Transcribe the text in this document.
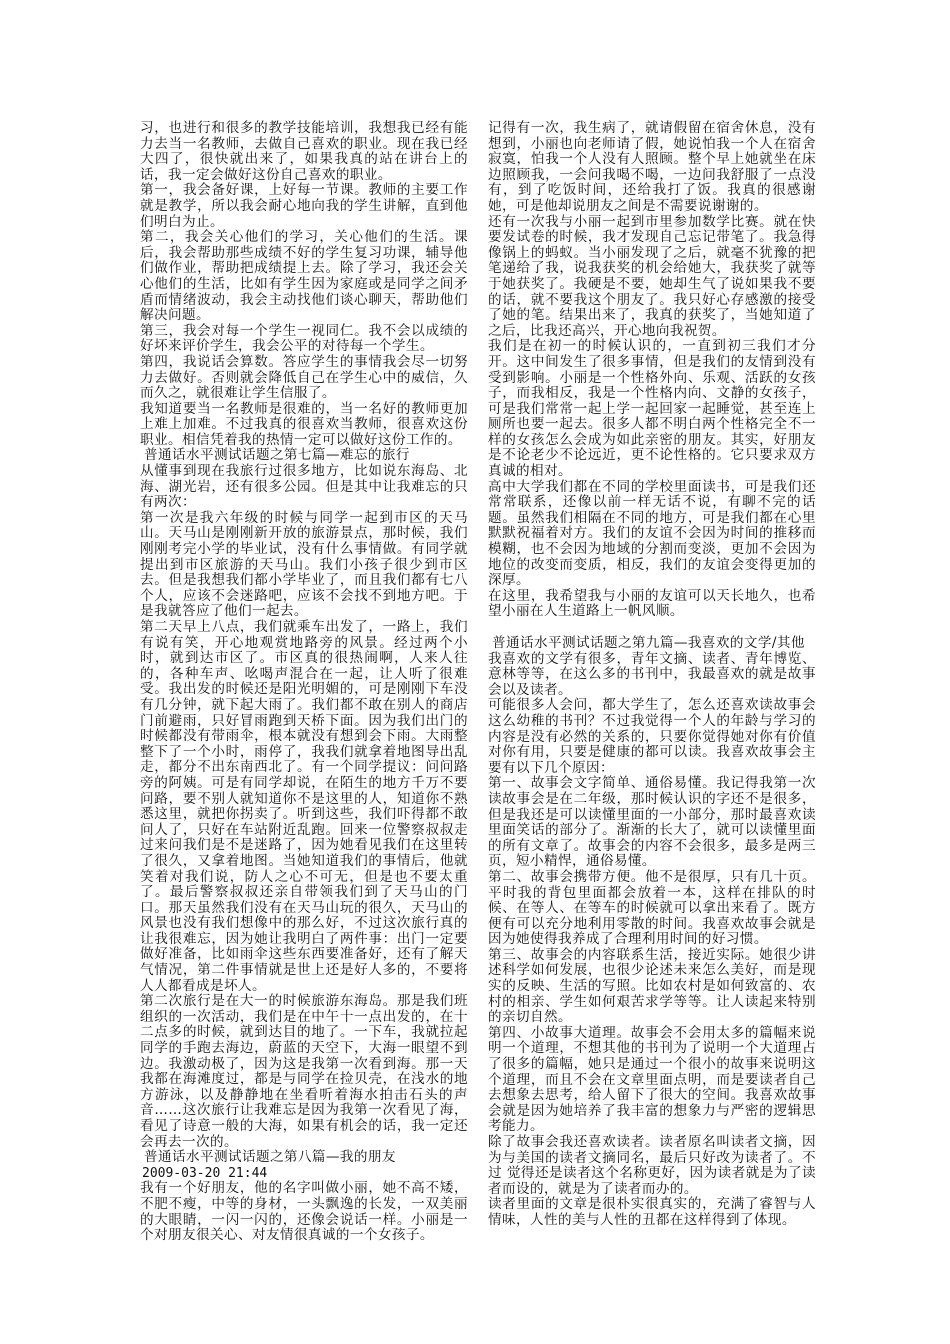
习，也进行和很多的教学技能培训，我想我已经有能力去当一名教师，去做自己喜欢的职业。现在我已经大四了，很快就出来了，如果我真的站在讲台上的话，我一定会做好这份自己喜欢的职业。

第一，我会备好课，上好每一节课。教师的主要工作就是教学，所以我会耐心地向我的学生讲解，直到他们明白为止。

第二，我会关心他们的学习，关心他们的生活。课后，我会帮助那些成绩不好的学生复习功课，辅导他们做作业，帮助把成绩提上去。除了学习，我还会关心他们的生活，比如有学生因为家庭或是同学之间矛盾而情绪波动，我会主动找他们谈心聊天，帮助他们解决问题。

第三，我会对每一个学生一视同仁。我不会以成绩的好坏来评价学生，我会公平的对待每一个学生。

第四，我说话会算数。答应学生的事情我会尽一切努力去做好。否则就会降低自己在学生心中的威信，久而久之，就很难让学生信服了。

我知道要当一名教师是很难的，当一名好的教师更加上难上加难。不过我真的很喜欢当教师，很喜欢这份职业。相信凭着我的热情一定可以做好这份工作的。

普通话水平测试话题之第七篇—难忘的旅行

从懂事到现在我旅行过很多地方，比如说东海岛、北海、湖光岩，还有很多公园。但是其中让我难忘的只有两次：

第一次是我六年级的时候与同学一起到市区的天马山。天马山是刚刚新开放的旅游景点，那时候，我们刚刚考完小学的毕业试，没有什么事情做。有同学就提出到市区旅游的天马山。我们小孩子很少到市区去。但是我想我们都小学毕业了，而且我们都有七八个人，应该不会迷路吧，应该不会找不到地方吧。于是我就答应了他们一起去。

第二天早上八点，我们就乘车出发了，一路上，我们有说有笑，开心地观赏地路旁的风景。经过两个小时，就到达市区了。市区真的很热闹啊，人来人往的，各种车声、吆喝声混合在一起，让人听了很难受。我出发的时候还是阳光明媚的，可是刚刚下车没有几分钟，就下起大雨了。我们都不敢在别人的商店门前避雨，只好冒雨跑到天桥下面。因为我们出门的时候都没有带雨伞，根本就没有想到会下雨。大雨整整下了一个小时，雨停了，我我们就拿着地图导出乱走，都分不出东南西北了。有一个同学提议：问问路旁的阿姨。可是有同学却说，在陌生的地方千万不要问路，要不别人就知道你不是这里的人，知道你不熟悉这里，就把你拐卖了。听到这些，我们吓得都不敢问人了，只好在车站附近乱跑。回来一位警察叔叔走过来问我们是不是迷路了，因为她看见我们在这里转了很久，又拿着地图。当她知道我们的事情后，他就笑着对我们说，防人之心不可无，但是也不要太重了。最后警察叔叔还亲自带领我们到了天马山的门口。那天虽然我们没有在天马山玩的很久，天马山的风景也没有我们想像中的那么好，不过这次旅行真的让我很难忘，因为她让我明白了两件事：出门一定要做好准备，比如雨伞这些东西要准备好，还有了解天气情况，第二件事情就是世上还是好人多的，不要将人人都看成是坏人。

第二次旅行是在大一的时候旅游东海岛。那是我们班组织的一次活动，我们是在中午十一点出发的，在十二点多的时候，就到达目的地了。一下车，我就拉起同学的手跑去海边，蔚蓝的天空下，大海一眼望不到边。我激动极了，因为这是我第一次看到海。那一天我都在海滩度过，都是与同学在捡贝壳，在浅水的地方游泳，以及静静地在坐看听着海水拍击石头的声音……这次旅行让我难忘是因为我第一次看见了海，看见了诗意一般的大海，如果有机会的话，我一定还会再去一次的。

普通话水平测试话题之第八篇—我的朋友

2009-03-20 21:44

我有一个好朋友，他的名字叫做小丽，她不高不矮，不肥不瘦，中等的身材，一头飘逸的长发，一双美丽的大眼睛，一闪一闪的，还像会说话一样。小丽是一个对朋友很关心、对友情很真诚的一个女孩子。

记得有一次，我生病了，就请假留在宿舍休息，没有想到，小丽也向老师请了假，她说怕我一个人在宿舍寂寞，怕我一个人没有人照顾。整个早上她就坐在床边照顾我，一会问我喝不喝，一边问我舒服了一点没有，到了吃饭时间，还给我打了饭。我真的很感谢她，可是他却说朋友之间是不需要说谢谢的。

还有一次我与小丽一起到市里参加数学比赛。就在快要发试卷的时候，我才发现自己忘记带笔了。我急得像锅上的蚂蚁。当小丽发现了之后，就毫不犹豫的把笔递给了我，说我获奖的机会给她大，我获奖了就等于她获奖了。我硬是不要，她却生气了说如果我不要的话，就不要我这个朋友了。我只好心存感激的接受了她的笔。结果出来了，我真的获奖了，当她知道了之后，比我还高兴，开心地向我祝贺。

我们是在初一的时候认识的，一直到初三我们才分开。这中间发生了很多事情，但是我们的友情到没有受到影响。小丽是一个性格外向、乐观、活跃的女孩子，而我相反，我是一个性格内向、文静的女孩子，可是我们常常一起上学一起回家一起睡觉，甚至连上厕所也要一起去。很多人都不明白两个性格完全不一样的女孩怎么会成为如此亲密的朋友。其实，好朋友是不论老少不论远近，更不论性格的。它只要求双方真诚的相对。

高中大学我们都在不同的学校里面读书，可是我们还常常联系，还像以前一样无话不说，有聊不完的话题。虽然我们相隔在不同的地方，可是我们都在心里默默祝福着对方。我们的友谊不会因为时间的推移而模糊，也不会因为地域的分割而变淡，更加不会因为地位的改变而变质，相反，我们的友谊会变得更加的深厚。

在这里，我希望我与小丽的友谊可以天长地久，也希望小丽在人生道路上一帆风顺。

普通话水平测试话题之第九篇—我喜欢的文学/其他

我喜欢的文学有很多，青年文摘、读者、青年博览、意林等等，在这么多的书刊中，我最喜欢的就是故事会以及读者。

可能很多人会问，都大学生了，怎么还喜欢读故事会这么幼稚的书刊？不过我觉得一个人的年龄与学习的内容是没有必然的关系的，只要你觉得她对你有价值对你有用，只要是健康的都可以读。我喜欢故事会主要有以下几个原因：

第一、故事会文字简单、通俗易懂。我记得我第一次读故事会是在二年级，那时候认识的字还不是很多，但是我还是可以读懂里面的一小部分，那时最喜欢读里面笑话的部分了。渐渐的长大了，就可以读懂里面的所有文章了。故事会的内容不会很多，最多是两三页，短小精悍，通俗易懂。

第二、故事会携带方便。他不是很厚，只有几十页。平时我的背包里面都会放着一本，这样在排队的时候、在等人、在等车的时候就可以拿出来看了。既方便有可以充分地利用零散的时间。我喜欢故事会就是因为她使得我养成了合理利用时间的好习惯。

第三、故事会的内容联系生活，接近实际。她很少讲述科学如何发展，也很少论述未来怎么美好，而是现实的反映、生活的写照。比如农村是如何致富的、农村的相亲、学生如何艰苦求学等等。让人读起来特别的亲切自然。

第四、小故事大道理。故事会不会用太多的篇幅来说明一个道理，不想其他的书刊为了说明一个大道理占了很多的篇幅，她只是通过一个很小的故事来说明这个道理，而且不会在文章里面点明，而是要读者自己去想象去思考，给人留下了很大的空间。我喜欢故事会就是因为她培养了我丰富的想象力与严密的逻辑思考能力。

除了故事会我还喜欢读者。读者原名叫读者文摘，因为与美国的读者文摘同名，最后只好改为读者了。不过 觉得还是读者这个名称更好，因为读者就是为了读者而设的，就是为了读者而办的。

读者里面的文章是很朴实很真实的，充满了睿智与人情味，人性的美与人性的丑都在这样得到了体现。
